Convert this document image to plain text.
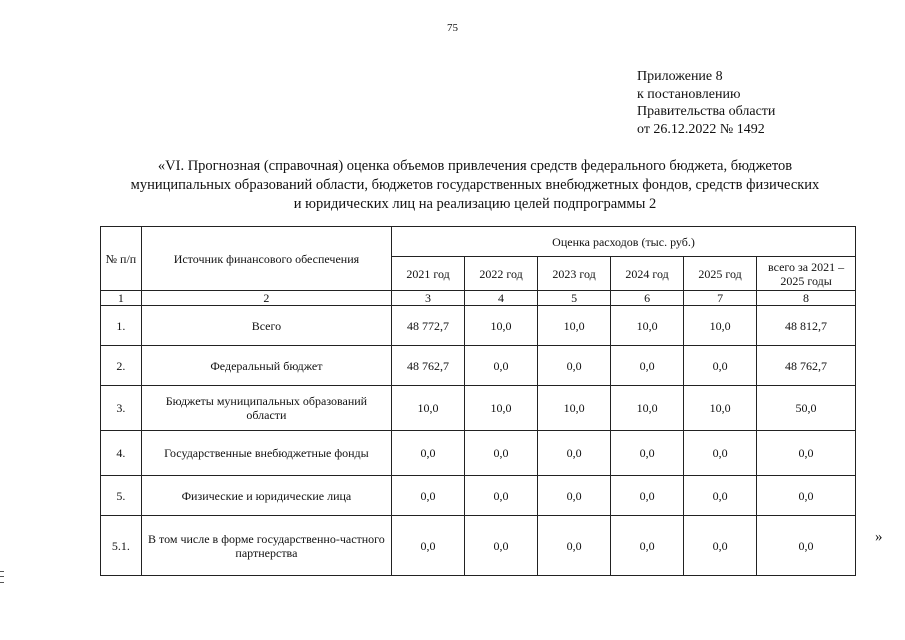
75
Приложение 8
к постановлению
Правительства области
от 26.12.2022 № 1492
«VI. Прогнозная (справочная) оценка объемов привлечения средств федерального бюджета, бюджетов муниципальных образований области, бюджетов государственных внебюджетных фондов, средств физических и юридических лиц на реализацию целей подпрограммы 2
№ п/п	Источник финансового обеспечения	Оценка расходов (тыс. руб.)					
		2021 год	2022 год	2023 год	2024 год	2025 год	всего за 2021 – 2025 годы
1	2	3	4	5	6	7	8
1.	Всего	48 772,7	10,0	10,0	10,0	10,0	48 812,7
2.	Федеральный бюджет	48 762,7	0,0	0,0	0,0	0,0	48 762,7
3.	Бюджеты муниципальных образований области	10,0	10,0	10,0	10,0	10,0	50,0
4.	Государственные внебюджетные фонды	0,0	0,0	0,0	0,0	0,0	0,0
5.	Физические и юридические лица	0,0	0,0	0,0	0,0	0,0	0,0
5.1.	В том числе в форме государственно-частного партнерства	0,0	0,0	0,0	0,0	0,0	0,0
»
